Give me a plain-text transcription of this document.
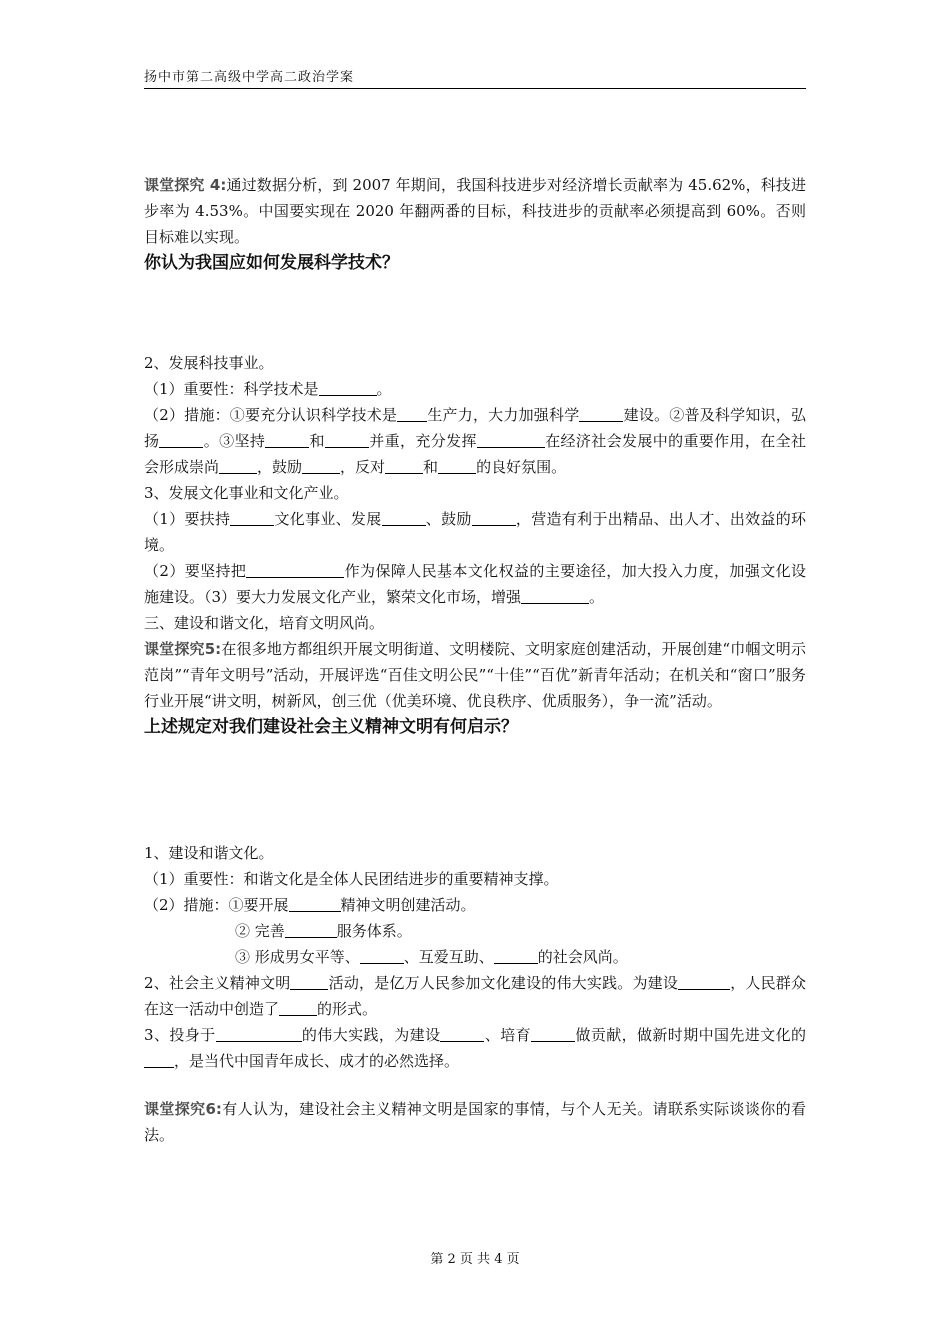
扬中市第二高级中学高二政治学案

课堂探究 4:通过数据分析，到 2007 年期间，我国科技进步对经济增长贡献率为 45.62%，科技进步率为 4.53%。中国要实现在 2020 年翻两番的目标，科技进步的贡献率必须提高到 60%。否则目标难以实现。

你认为我国应如何发展科学技术？

2、发展科技事业。

（1）重要性：科学技术是	。

（2）措施：①要充分认识科学技术是 生产力，大力加强科学	建设。②普及科学知识，弘扬	。③坚持	和	并重，充分发挥	在经济社会发展中的重要作用，在全社会形成崇尚	，鼓励	，反对	和	的良好氛围。

3、发展文化事业和文化产业。

（1）要扶持	文化事业、发展	、鼓励	，营造有利于出精品、出人才、出效益的环境。

（2）要坚持把	作为保障人民基本文化权益的主要途径，加大投入力度，加强文化设施建设。（3）要大力发展文化产业，繁荣文化市场，增强	。

三、建设和谐文化，培育文明风尚。

课堂探究5:在很多地方都组织开展文明街道、文明楼院、文明家庭创建活动，开展创建“巾帼文明示范岗”“青年文明号”活动，开展评选“百佳文明公民”“十佳”“百优”新青年活动；在机关和“窗口”服务行业开展“讲文明，树新风，创三优（优美环境、优良秩序、优质服务），争一流”活动。

上述规定对我们建设社会主义精神文明有何启示？

1、建设和谐文化。

（1）重要性：和谐文化是全体人民团结进步的重要精神支撑。

（2）措施：①要开展	精神文明创建活动。

② 完善	服务体系。

③ 形成男女平等、	、互爱互助、	的社会风尚。

2、社会主义精神文明	活动，是亿万人民参加文化建设的伟大实践。为建设	，人民群众在这一活动中创造了	的形式。

3、投身于	的伟大实践，为建设	、培育	做贡献，做新时期中国先进文化的，是当代中国青年成长、成才的必然选择。

课堂探究6:有人认为，建设社会主义精神文明是国家的事情，与个人无关。请联系实际谈谈你的看法。

第 2 页 共 4 页
